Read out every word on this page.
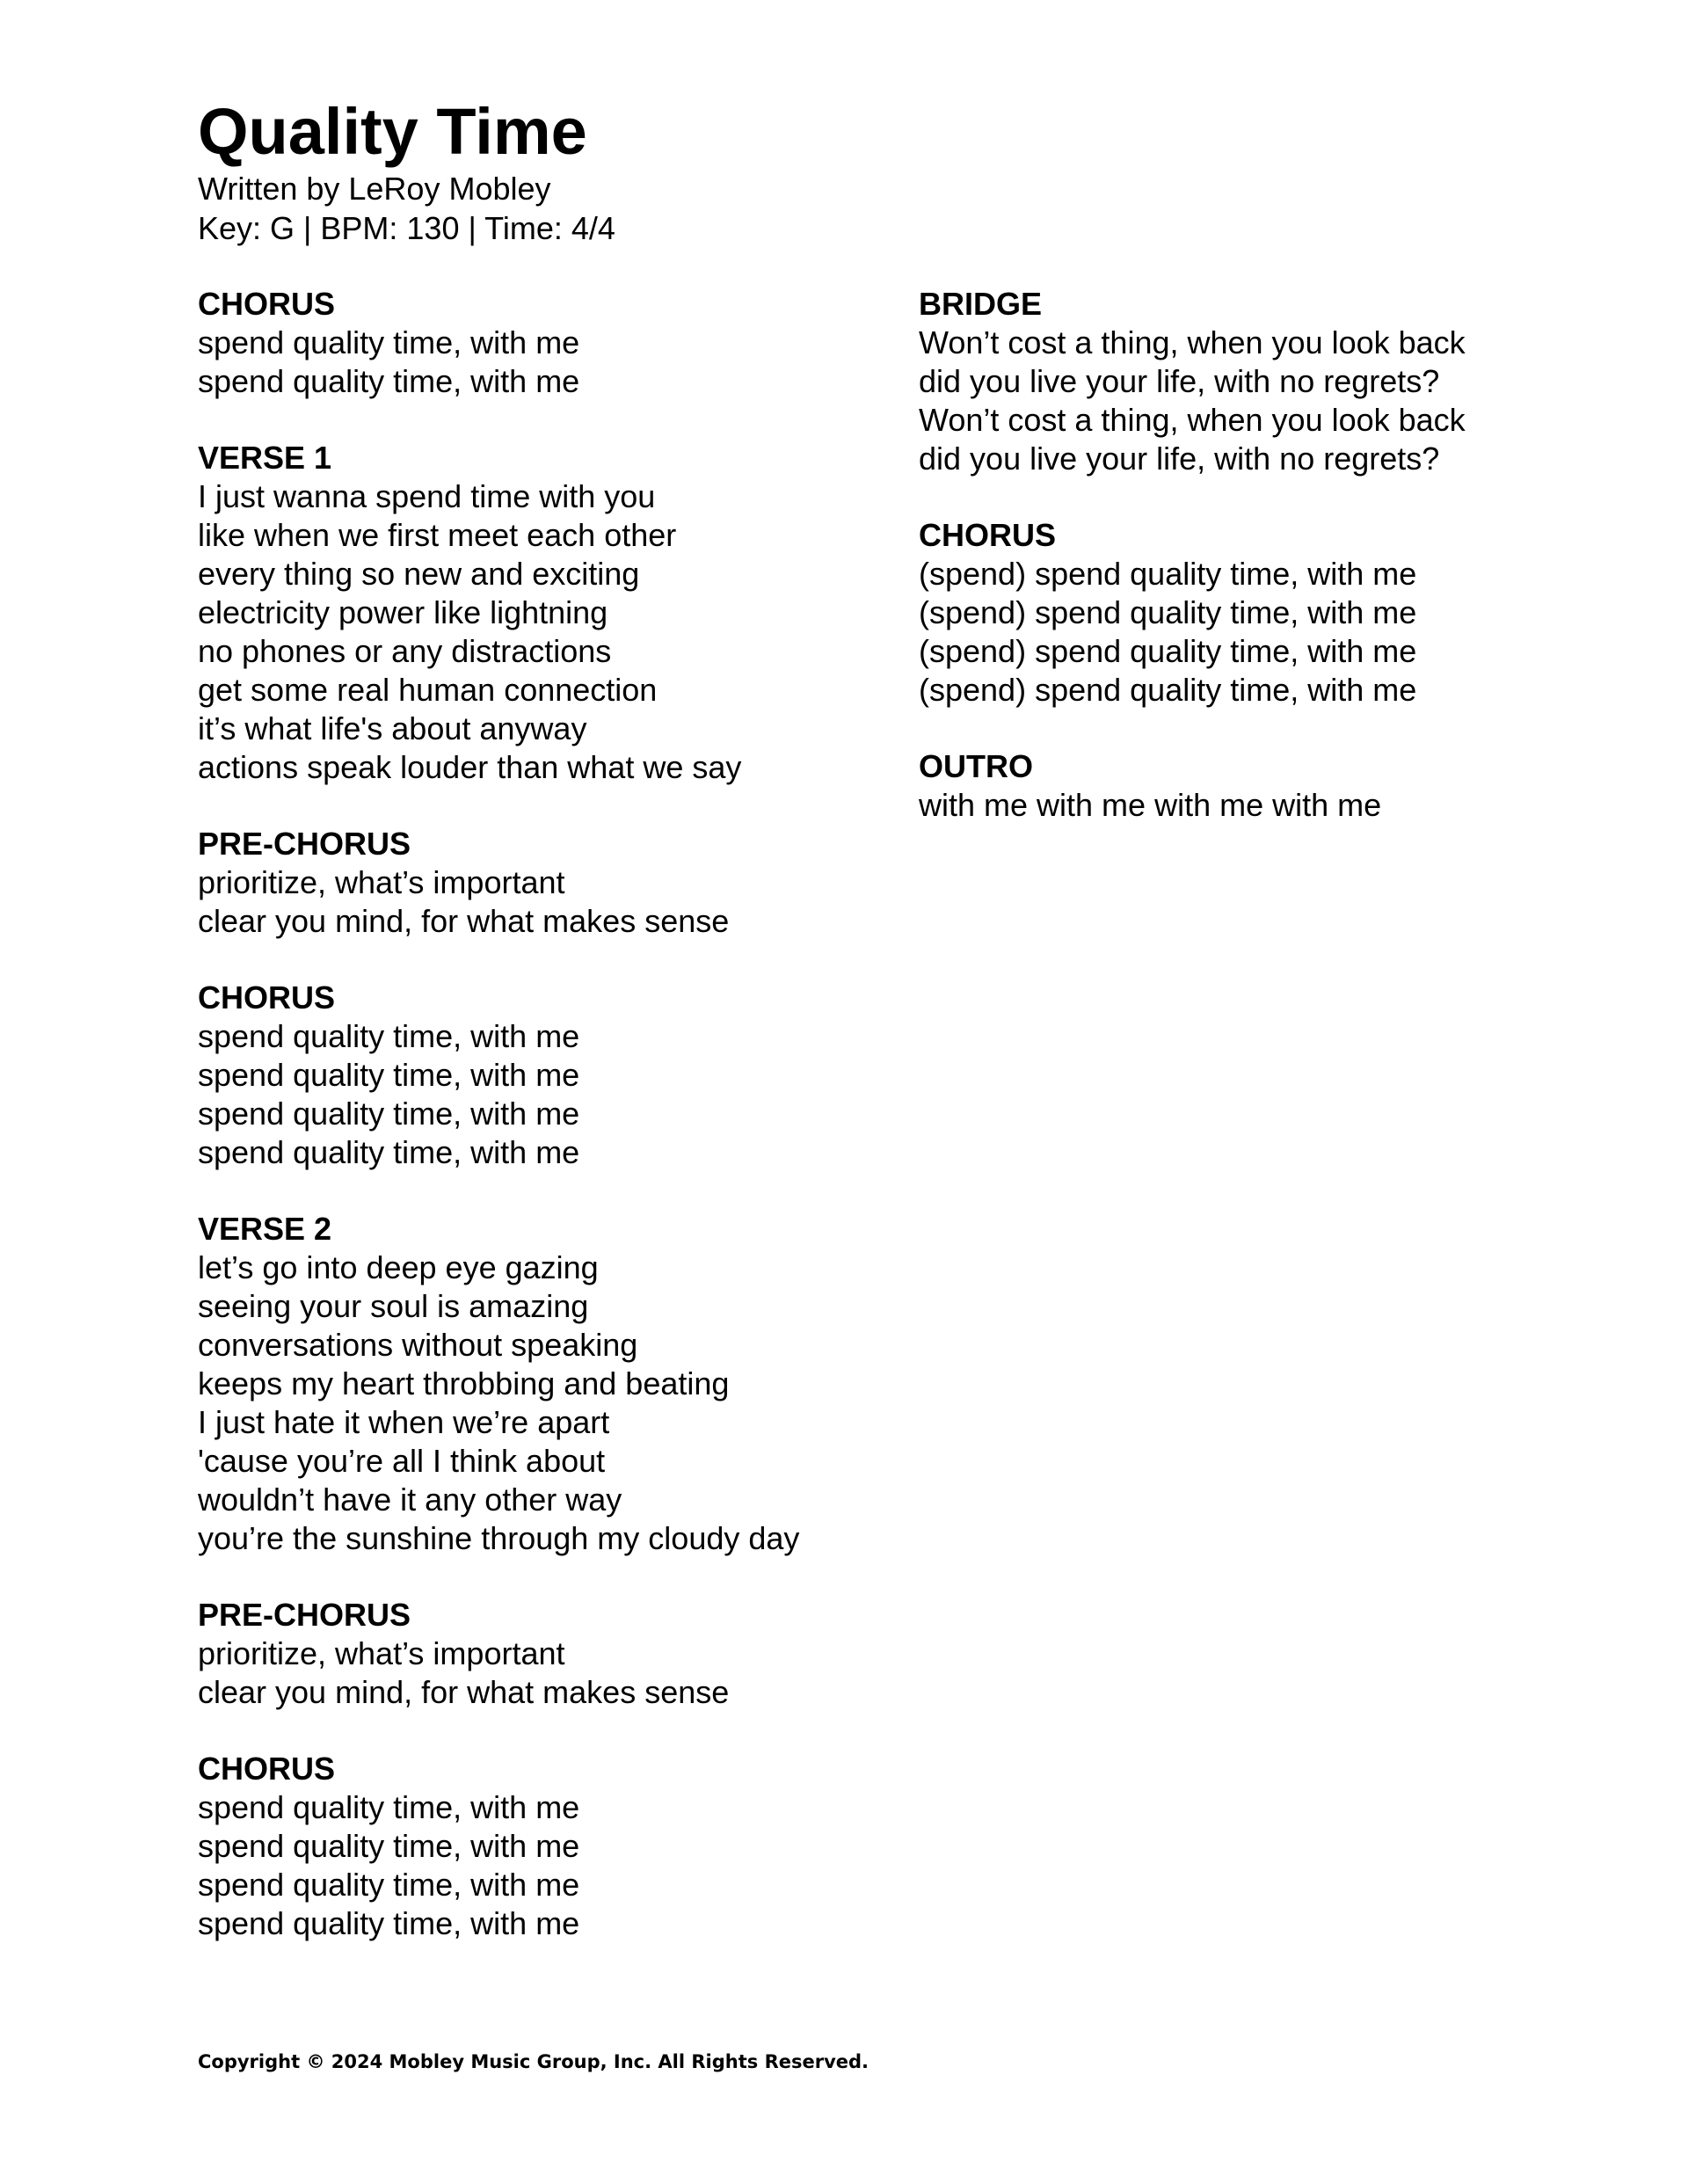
Quality Time

Written by LeRoy Mobley

Key: G | BPM: 130 | Time: 4/4

CHORUS

spend quality time, with me

spend quality time, with me

VERSE 1

I just wanna spend time with you

like when we first meet each other

every thing so new and exciting

electricity power like lightning

no phones or any distractions

get some real human connection

it’s what life's about anyway

actions speak louder than what we say

PRE-CHORUS

prioritize, what’s important

clear you mind, for what makes sense

CHORUS

spend quality time, with me

spend quality time, with me

spend quality time, with me

spend quality time, with me

VERSE 2

let’s go into deep eye gazing

seeing your soul is amazing

conversations without speaking

keeps my heart throbbing and beating

I just hate it when we’re apart

'cause you’re all I think about

wouldn’t have it any other way

you’re the sunshine through my cloudy day

PRE-CHORUS

prioritize, what’s important

clear you mind, for what makes sense

CHORUS

spend quality time, with me

spend quality time, with me

spend quality time, with me

spend quality time, with me

BRIDGE

Won’t cost a thing, when you look back

did you live your life, with no regrets?

Won’t cost a thing, when you look back

did you live your life, with no regrets?

CHORUS

(spend) spend quality time, with me

(spend) spend quality time, with me

(spend) spend quality time, with me

(spend) spend quality time, with me

OUTRO

with me with me with me with me

Copyright © 2024 Mobley Music Group, Inc. All Rights Reserved.
